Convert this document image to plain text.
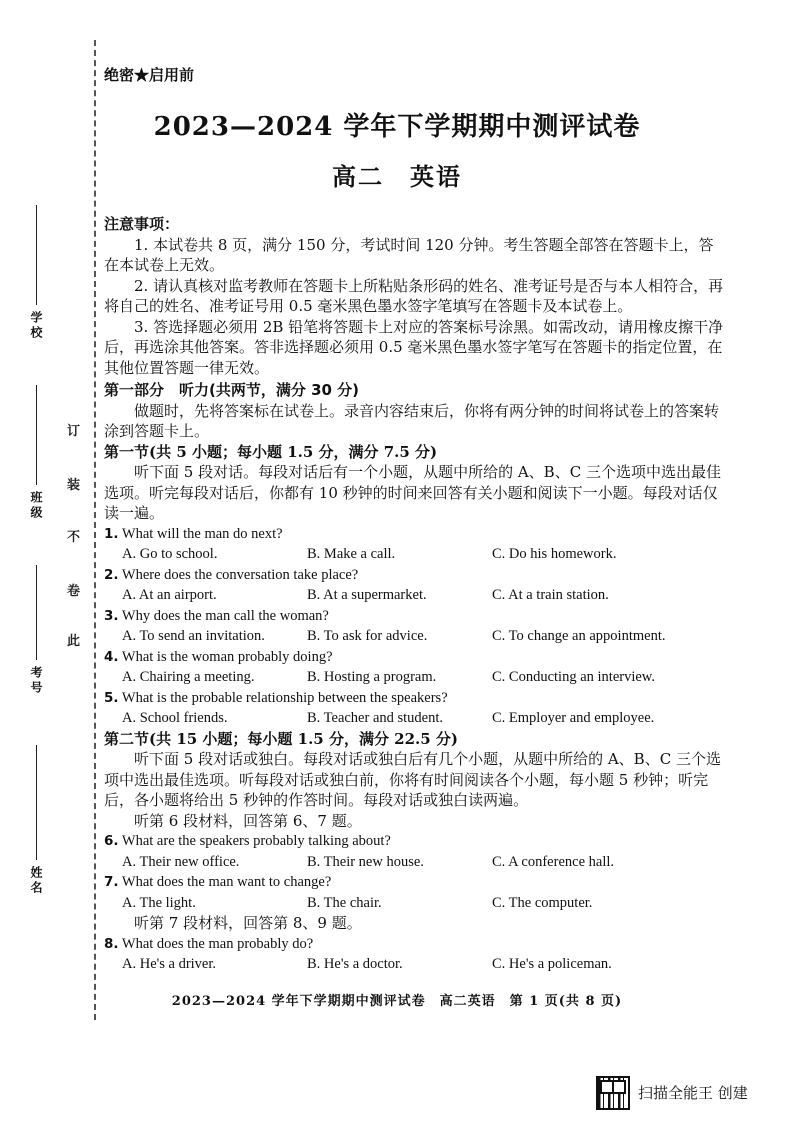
学校
班级
考号
姓名
订
装
不
卷
此
绝密★启用前
2023—2024 学年下学期期中测评试卷
高二　英语

注意事项：

1. 本试卷共 8 页，满分 150 分，考试时间 120 分钟。考生答题全部答在答题卡上，答在本试卷上无效。

2. 请认真核对监考教师在答题卡上所粘贴条形码的姓名、准考证号是否与本人相符合，再将自己的姓名、准考证号用 0.5 毫米黑色墨水签字笔填写在答题卡及本试卷上。

3. 答选择题必须用 2B 铅笔将答题卡上对应的答案标号涂黑。如需改动，请用橡皮擦干净后，再选涂其他答案。答非选择题必须用 0.5 毫米黑色墨水签字笔写在答题卡的指定位置，在其他位置答题一律无效。

第一部分　听力(共两节，满分 30 分)

做题时，先将答案标在试卷上。录音内容结束后，你将有两分钟的时间将试卷上的答案转涂到答题卡上。

第一节(共 5 小题；每小题 1.5 分，满分 7.5 分)

听下面 5 段对话。每段对话后有一个小题，从题中所给的 A、B、C 三个选项中选出最佳选项。听完每段对话后，你都有 10 秒钟的时间来回答有关小题和阅读下一小题。每段对话仅读一遍。

1. What will the man do next?

A. Go to school.	B. Make a call.	C. Do his homework.

2. Where does the conversation take place?

A. At an airport.	B. At a supermarket.	C. At a train station.

3. Why does the man call the woman?

A. To send an invitation.	B. To ask for advice.	C. To change an appointment.

4. What is the woman probably doing?

A. Chairing a meeting.	B. Hosting a program.	C. Conducting an interview.

5. What is the probable relationship between the speakers?

A. School friends.	B. Teacher and student.	C. Employer and employee.

第二节(共 15 小题；每小题 1.5 分，满分 22.5 分)

听下面 5 段对话或独白。每段对话或独白后有几个小题，从题中所给的 A、B、C 三个选项中选出最佳选项。听每段对话或独白前，你将有时间阅读各个小题，每小题 5 秒钟；听完后，各小题将给出 5 秒钟的作答时间。每段对话或独白读两遍。

听第 6 段材料，回答第 6、7 题。

6. What are the speakers probably talking about?

A. Their new office.	B. Their new house.	C. A conference hall.

7. What does the man want to change?

A. The light.	B. The chair.	C. The computer.

听第 7 段材料，回答第 8、9 题。

8. What does the man probably do?

A. He's a driver.	B. He's a doctor.	C. He's a policeman.
2023—2024 学年下学期期中测评试卷　高二英语　第 1 页(共 8 页)
扫描全能王 创建
